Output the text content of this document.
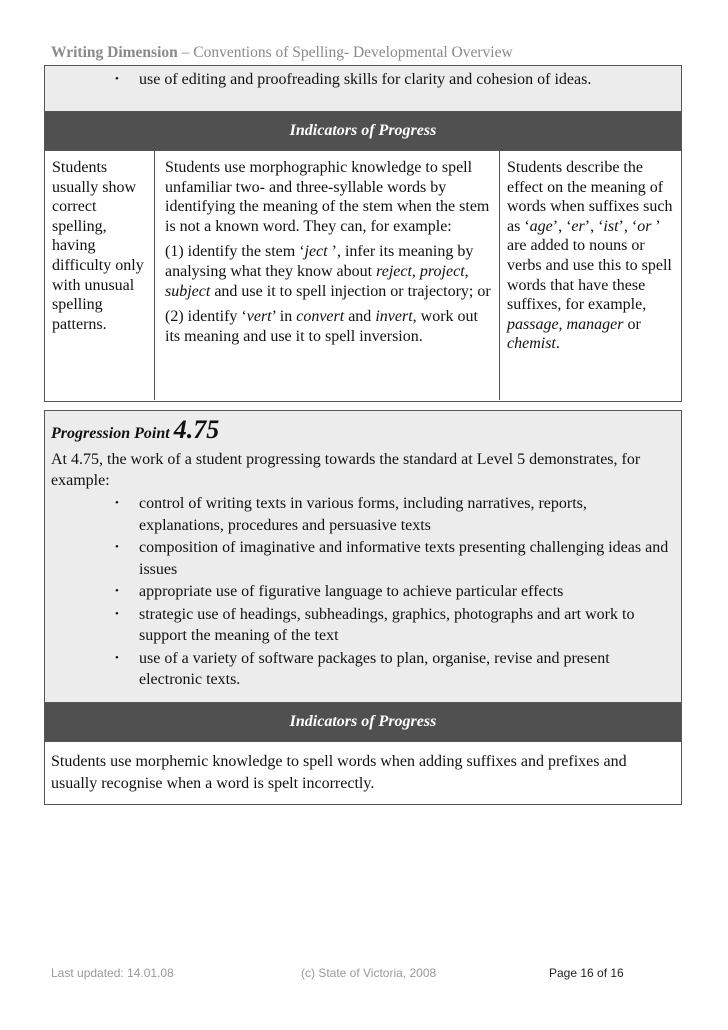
Writing Dimension – Conventions of Spelling- Developmental Overview
• use of editing and proofreading skills for clarity and cohesion of ideas.
Indicators of Progress
Students usually show correct spelling, having difficulty only with unusual spelling patterns.

Students use morphographic knowledge to spell unfamiliar two- and three-syllable words by identifying the meaning of the stem when the stem is not a known word. They can, for example:

(1) identify the stem ‘ject ’, infer its meaning by analysing what they know about reject, project, subject and use it to spell injection or trajectory; or

(2) identify ‘vert’ in convert and invert, work out its meaning and use it to spell inversion.

Students describe the effect on the meaning of words when suffixes such as ‘age’, ‘er’, ‘ist’, ‘or ’ are added to nouns or verbs and use this to spell words that have these suffixes, for example, passage, manager or chemist.
Progression Point 4.75
At 4.75, the work of a student progressing towards the standard at Level 5 demonstrates, for example:
• control of writing texts in various forms, including narratives, reports, explanations, procedures and persuasive texts
• composition of imaginative and informative texts presenting challenging ideas and issues
• appropriate use of figurative language to achieve particular effects
• strategic use of headings, subheadings, graphics, photographs and art work to support the meaning of the text
• use of a variety of software packages to plan, organise, revise and present electronic texts.
Indicators of Progress
Students use morphemic knowledge to spell words when adding suffixes and prefixes and usually recognise when a word is spelt incorrectly.
Last updated: 14.01.08	(c) State of Victoria, 2008	Page 16 of 16
